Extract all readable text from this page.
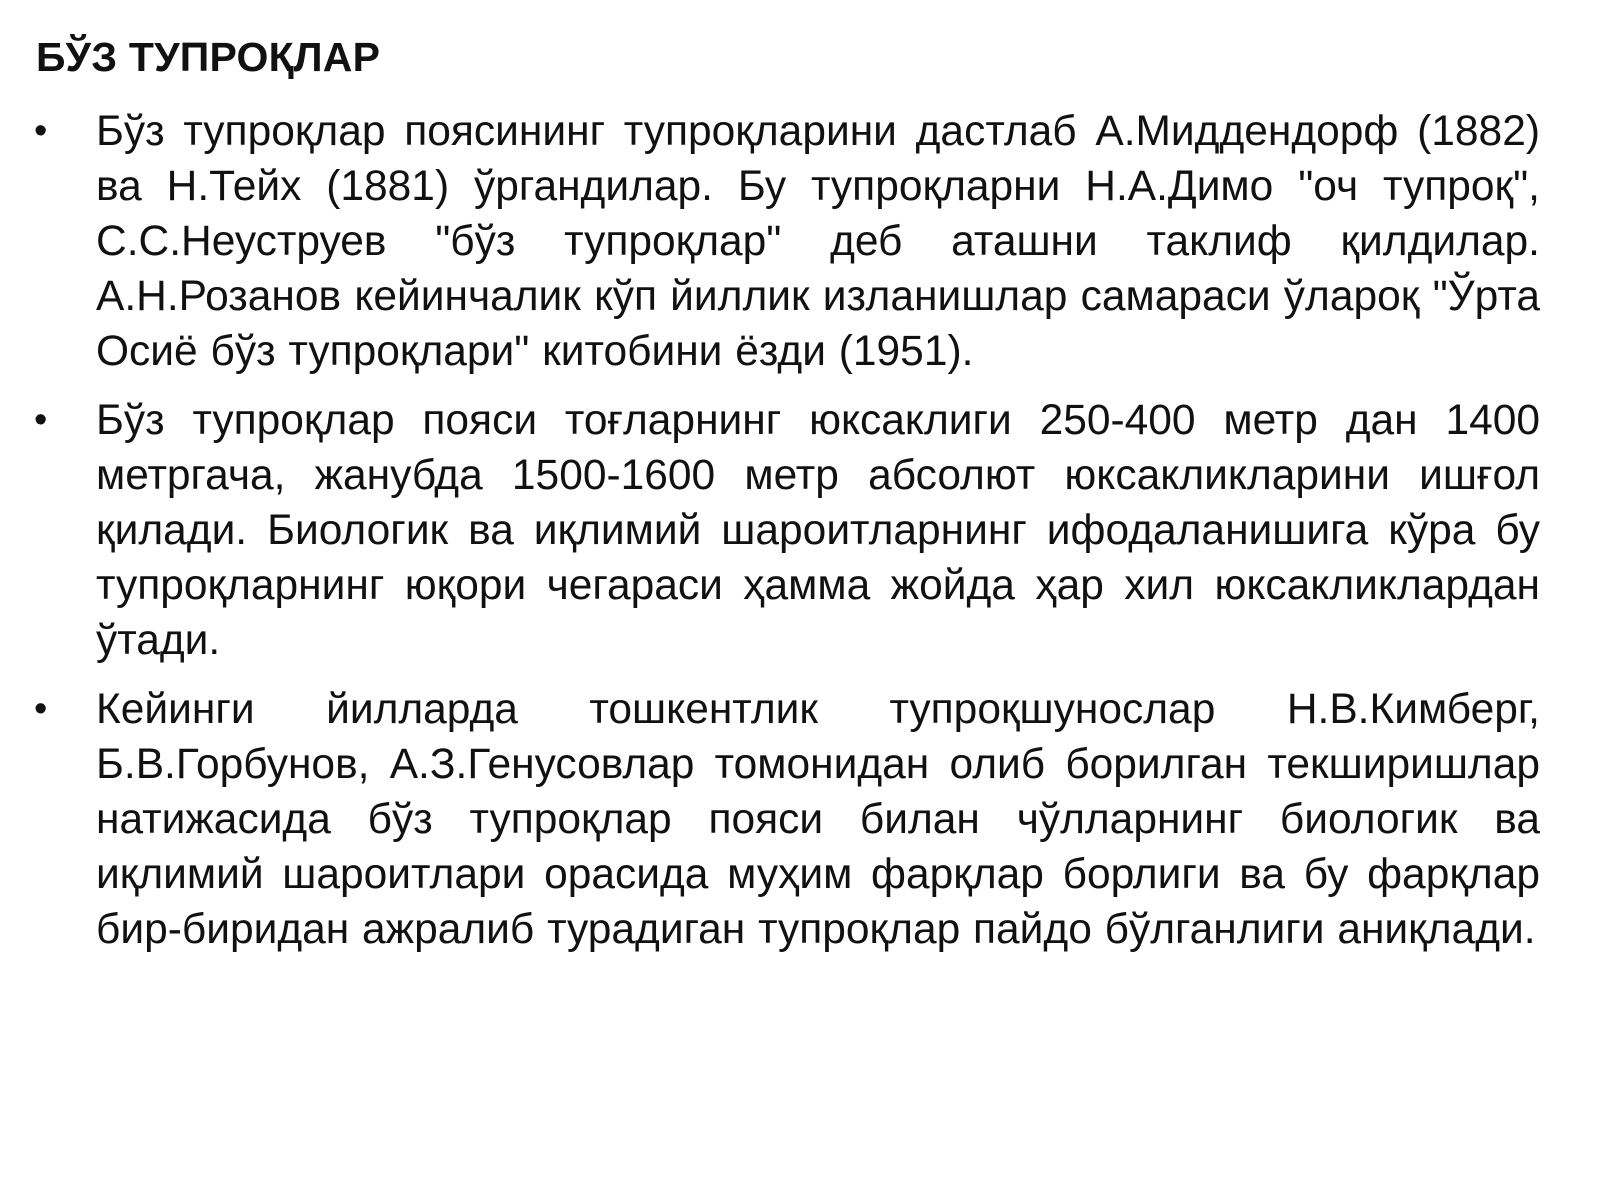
БЎЗ ТУПРОҚЛАР
• Бўз тупроқлар поясининг тупроқларини дастлаб А.Миддендорф (1882) ва Н.Тейх (1881) ўргандилар. Бу тупроқларни Н.А.Димо "оч тупроқ", С.С.Неуструев "бўз тупроқлар" деб аташни таклиф қилдилар. А.Н.Розанов кейинчалик кўп йиллик изланишлар самараси ўлароқ "Ўрта Осиё бўз тупроқлари" китобини ёзди (1951).
• Бўз тупроқлар пояси тоғларнинг юксаклиги 250-400 метр дан 1400 метргача, жанубда 1500-1600 метр абсолют юксакликларини ишғол қилади. Биологик ва иқлимий шароитларнинг ифодаланишига кўра бу тупроқларнинг юқори чегараси ҳамма жойда ҳар хил юксакликлардан ўтади.
• Кейинги йилларда тошкентлик тупроқшунослар Н.В.Кимберг, Б.В.Горбунов, А.З.Генусовлар томонидан олиб борилган текширишлар натижасида бўз тупроқлар пояси билан чўлларнинг биологик ва иқлимий шароитлари орасида муҳим фарқлар борлиги ва бу фарқлар бир-биридан ажралиб турадиган тупроқлар пайдо бўлганлиги аниқлади.
